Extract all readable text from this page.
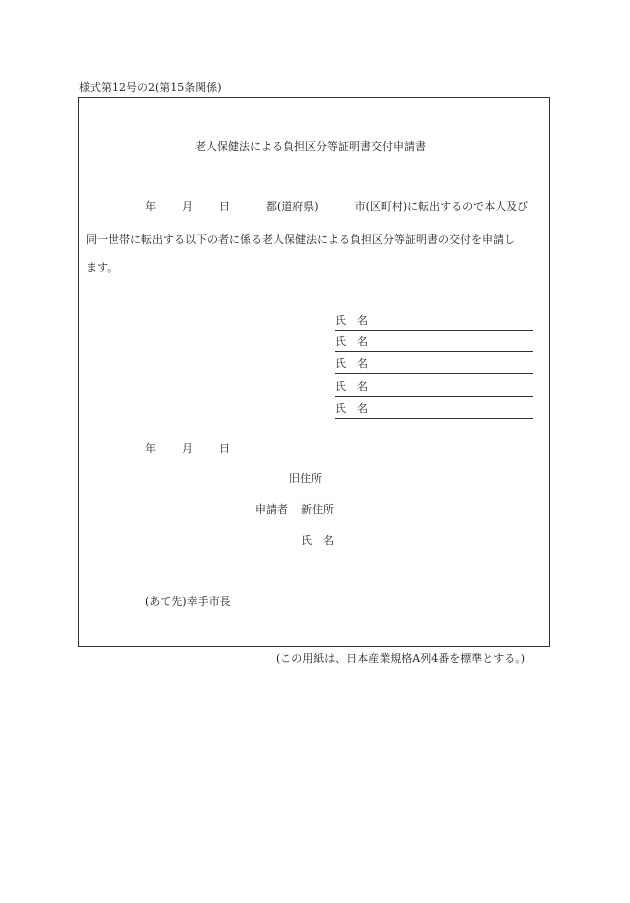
様式第12号の2(第15条関係)
老人保健法による負担区分等証明書交付申請書
年 月 日	都(道府県)	市(区町村)に転出するので本人及び
同一世帯に転出する以下の者に係る老人保健法による負担区分等証明書の交付を申請し
ます。
氏　名
氏　名
氏　名
氏　名
氏　名
年 月 日
旧住所
申請者 新住所
氏　名
(あて先)幸手市長
(この用紙は、日本産業規格A列4番を標準とする。)
